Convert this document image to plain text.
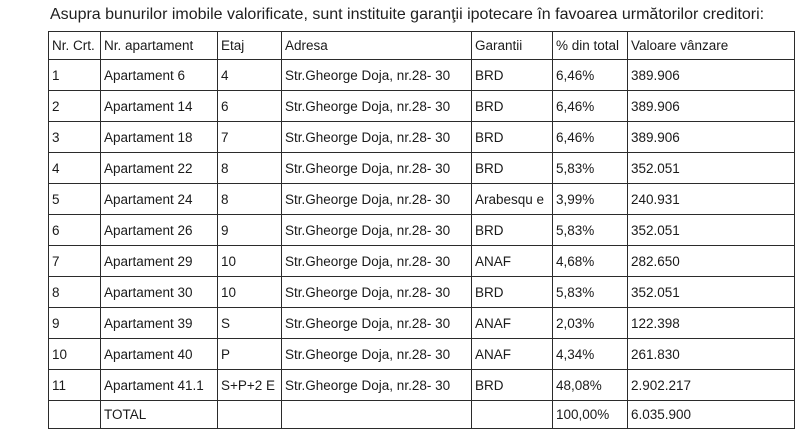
Asupra bunurilor imobile valorificate, sunt instituite garanţii ipotecare în favoarea următorilor creditori:
Nr. Crt.	Nr. apartament	Etaj	Adresa	Garantii	% din total	Valoare vânzare
1	Apartament 6	4	Str.Gheorge Doja, nr.28- 30	BRD	6,46%	389.906
2	Apartament 14	6	Str.Gheorge Doja, nr.28- 30	BRD	6,46%	389.906
3	Apartament 18	7	Str.Gheorge Doja, nr.28- 30	BRD	6,46%	389.906
4	Apartament 22	8	Str.Gheorge Doja, nr.28- 30	BRD	5,83%	352.051
5	Apartament 24	8	Str.Gheorge Doja, nr.28- 30	Arabesqu e	3,99%	240.931
6	Apartament 26	9	Str.Gheorge Doja, nr.28- 30	BRD	5,83%	352.051
7	Apartament 29	10	Str.Gheorge Doja, nr.28- 30	ANAF	4,68%	282.650
8	Apartament 30	10	Str.Gheorge Doja, nr.28- 30	BRD	5,83%	352.051
9	Apartament 39	S	Str.Gheorge Doja, nr.28- 30	ANAF	2,03%	122.398
10	Apartament 40	P	Str.Gheorge Doja, nr.28- 30	ANAF	4,34%	261.830
11	Apartament 41.1	S+P+2 E	Str.Gheorge Doja, nr.28- 30	BRD	48,08%	2.902.217
	TOTAL				100,00%	6.035.900
